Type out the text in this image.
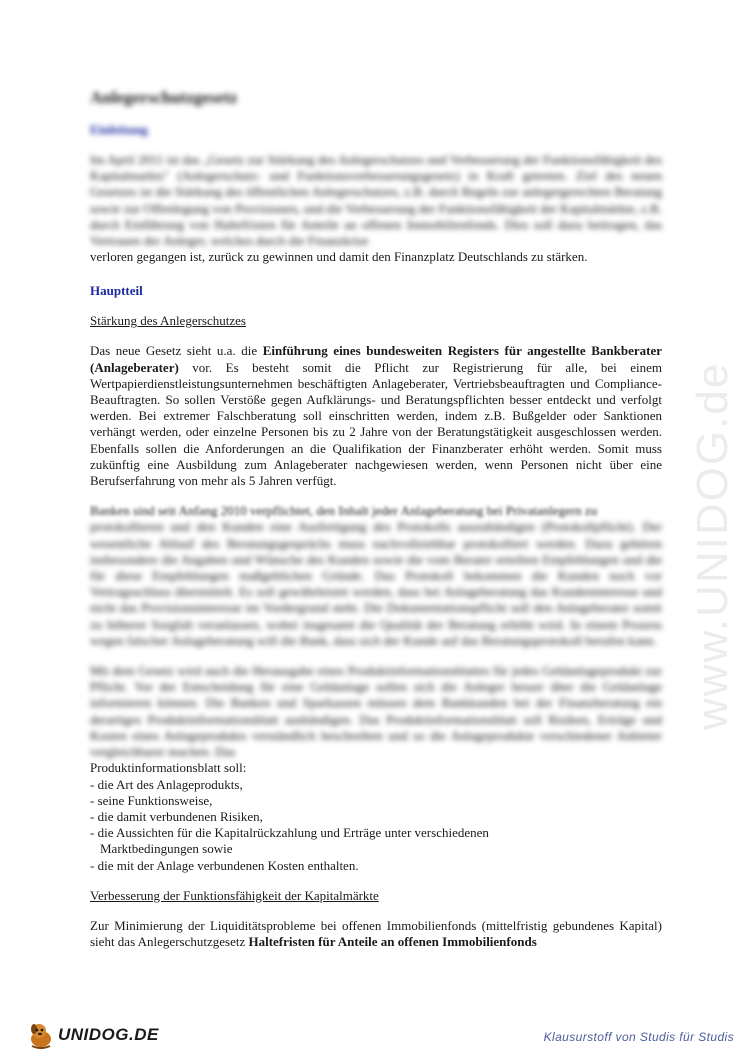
www.UNIDOG.de
Anlegerschutzgesetz
Einleitung

Im April 2011 ist das „Gesetz zur Stärkung des Anlegerschutzes und Verbesserung der Funktionsfähigkeit des Kapitalmarkts" (Anlegerschutz- und Funktionsverbesserungsgesetz) in Kraft getreten. Ziel des neuen Gesetzes ist die Stärkung des öffentlichen Anlegerschutzes, z.B. durch Regeln zur anlegergerechten Beratung sowie zur Offenlegung von Provisionen, und die Verbesserung der Funktionsfähigkeit der Kapitalmärkte, z.B. durch Einführung von Haltefristen für Anteile an offenen Immobilienfonds. Dies soll dazu beitragen, das Vertrauen der Anleger, welches durch die Finanzkrise

verloren gegangen ist, zurück zu gewinnen und damit den Finanzplatz Deutschlands zu stärken.

Hauptteil
Stärkung des Anlegerschutzes

Das neue Gesetz sieht u.a. die Einführung eines bundesweiten Registers für angestellte Bankberater (Anlageberater) vor. Es besteht somit die Pflicht zur Registrierung für alle, bei einem Wertpapierdienstleistungsunternehmen beschäftigten Anlageberater, Vertriebsbeauftragten und Compliance-Beauftragten. So sollen Verstöße gegen Aufklärungs- und Beratungspflichten besser entdeckt und verfolgt werden. Bei extremer Falschberatung soll einschritten werden, indem z.B. Bußgelder oder Sanktionen verhängt werden, oder einzelne Personen bis zu 2 Jahre von der Beratungstätigkeit ausgeschlossen werden. Ebenfalls sollen die Anforderungen an die Qualifikation der Finanzberater erhöht werden. Somit muss zukünftig eine Ausbildung zum Anlageberater nachgewiesen werden, wenn Personen nicht über eine Berufserfahrung von mehr als 5 Jahren verfügt.

Banken sind seit Anfang 2010 verpflichtet, den Inhalt jeder Anlageberatung bei Privatanlegern zu

protokollieren und den Kunden eine Ausfertigung des Protokolls auszuhändigen (Protokollpflicht). Der wesentliche Ablauf des Beratungsgesprächs muss nachvollziehbar protokolliert werden. Dazu gehören insbesondere die Angaben und Wünsche des Kunden sowie die vom Berater erteilten Empfehlungen und die für diese Empfehlungen maßgeblichen Gründe. Das Protokoll bekommen die Kunden noch vor Vertragsschluss übermittelt. Es soll gewährleistet werden, dass bei Anlageberatung das Kundeninteresse und nicht das Provisionsinteresse im Vordergrund steht. Die Dokumentationspflicht soll den Anlageberater somit zu höherer Sorgfalt veranlassen, wobei insgesamt die Qualität der Beratung erhöht wird. In einem Prozess wegen falscher Anlageberatung will die Bank, dass sich der Kunde auf das Beratungsprotokoll berufen kann.

Mit dem Gesetz wird auch die Herausgabe eines Produktinformationsblattes für jedes Geldanlageprodukt zur Pflicht. Vor der Entscheidung für eine Geldanlage sollen sich die Anleger besser über die Geldanlage informieren können. Die Banken und Sparkassen müssen dem Bankkunden bei der Finanzberatung ein derartiges Produktinformationsblatt aushändigen. Das Produktinformationsblatt soll Risiken, Erträge und Kosten eines Anlageprodukts verständlich beschreiben und so die Anlageprodukte verschiedener Anbieter vergleichbarer machen. Das

Produktinformationsblatt soll:

- die Art des Anlageprodukts,
- seine Funktionsweise,
- die damit verbundenen Risiken,
- die Aussichten für die Kapitalrückzahlung und Erträge unter verschiedenen
Marktbedingungen sowie
- die mit der Anlage verbundenen Kosten enthalten.
Verbesserung der Funktionsfähigkeit der Kapitalmärkte

Zur Minimierung der Liquiditätsprobleme bei offenen Immobilienfonds (mittelfristig gebundenes Kapital) sieht das Anlegerschutzgesetz Haltefristen für Anteile an offenen Immobilienfonds

UNIDOG.DE	Klausurstoff von Studis für Studis
